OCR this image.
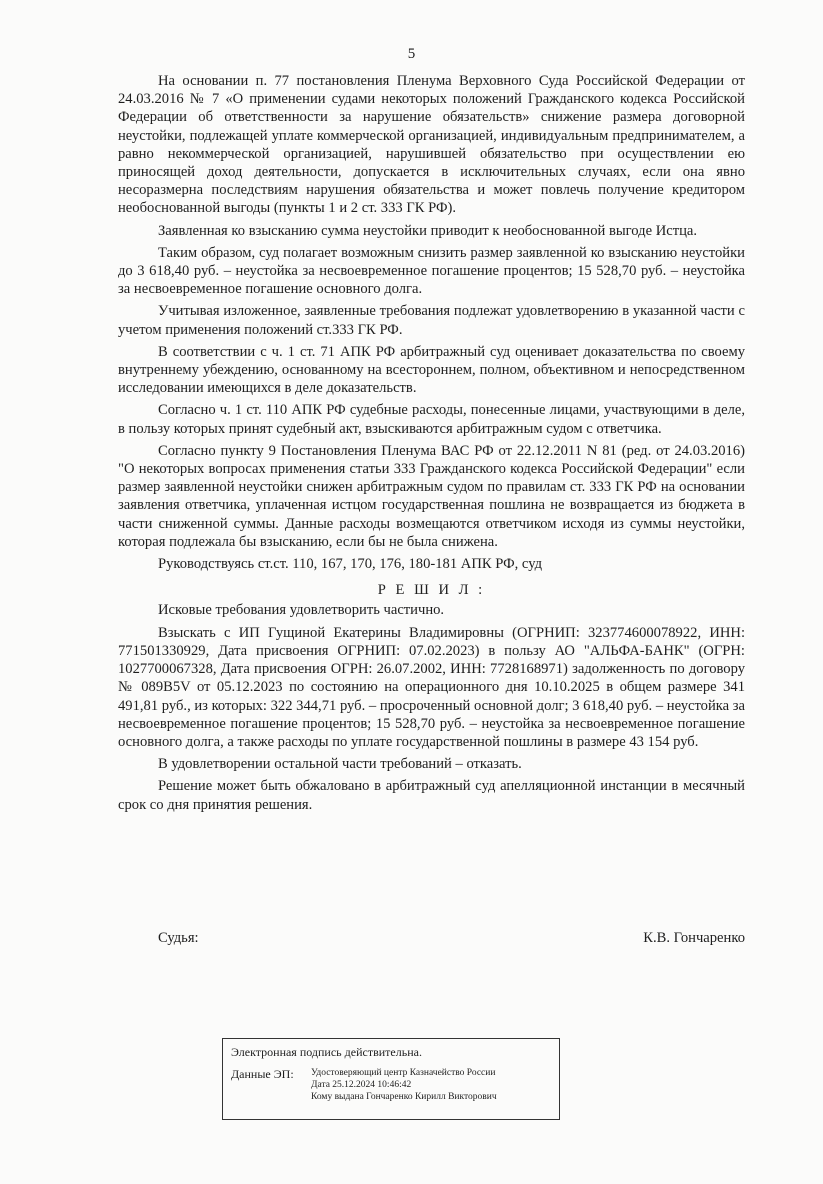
5

На основании п. 77 постановления Пленума Верховного Суда Российской Федерации от 24.03.2016 № 7 «О применении судами некоторых положений Гражданского кодекса Российской Федерации об ответственности за нарушение обязательств» снижение размера договорной неустойки, подлежащей уплате коммерческой организацией, индивидуальным предпринимателем, а равно некоммерческой организацией, нарушившей обязательство при осуществлении ею приносящей доход деятельности, допускается в исключительных случаях, если она явно несоразмерна последствиям нарушения обязательства и может повлечь получение кредитором необоснованной выгоды (пункты 1 и 2 ст. 333 ГК РФ).

Заявленная ко взысканию сумма неустойки приводит к необоснованной выгоде Истца.

Таким образом, суд полагает возможным снизить размер заявленной ко взысканию неустойки до 3 618,40 руб. – неустойка за несвоевременное погашение процентов; 15 528,70 руб. – неустойка за несвоевременное погашение основного долга.

Учитывая изложенное, заявленные требования подлежат удовлетворению в указанной части с учетом применения положений ст.333 ГК РФ.

В соответствии с ч. 1 ст. 71 АПК РФ арбитражный суд оценивает доказательства по своему внутреннему убеждению, основанному на всестороннем, полном, объективном и непосредственном исследовании имеющихся в деле доказательств.

Согласно ч. 1 ст. 110 АПК РФ судебные расходы, понесенные лицами, участвующими в деле, в пользу которых принят судебный акт, взыскиваются арбитражным судом с ответчика.

Согласно пункту 9 Постановления Пленума ВАС РФ от 22.12.2011 N 81 (ред. от 24.03.2016) "О некоторых вопросах применения статьи 333 Гражданского кодекса Российской Федерации" если размер заявленной неустойки снижен арбитражным судом по правилам ст. 333 ГК РФ на основании заявления ответчика, уплаченная истцом государственная пошлина не возвращается из бюджета в части сниженной суммы. Данные расходы возмещаются ответчиком исходя из суммы неустойки, которая подлежала бы взысканию, если бы не была снижена.

Руководствуясь ст.ст. 110, 167, 170, 176, 180-181 АПК РФ, суд

Р Е Ш И Л :

Исковые требования удовлетворить частично.

Взыскать с ИП Гущиной Екатерины Владимировны (ОГРНИП: 323774600078922, ИНН: 771501330929, Дата присвоения ОГРНИП: 07.02.2023) в пользу АО "АЛЬФА-БАНК" (ОГРН: 1027700067328, Дата присвоения ОГРН: 26.07.2002, ИНН: 7728168971) задолженность по договору № 089B5V от 05.12.2023 по состоянию на операционного дня 10.10.2025 в общем размере 341 491,81 руб., из которых: 322 344,71 руб. – просроченный основной долг; 3 618,40 руб. – неустойка за несвоевременное погашение процентов; 15 528,70 руб. – неустойка за несвоевременное погашение основного долга, а также расходы по уплате государственной пошлины в размере 43 154 руб.

В удовлетворении остальной части требований – отказать.

Решение может быть обжаловано в арбитражный суд апелляционной инстанции в месячный срок со дня принятия решения.

Судья:	К.В. Гончаренко
Электронная подпись действительна.
Данные ЭП:	Удостоверяющий центр Казначейство России
Дата 25.12.2024 10:46:42
Кому выдана Гончаренко Кирилл Викторович
